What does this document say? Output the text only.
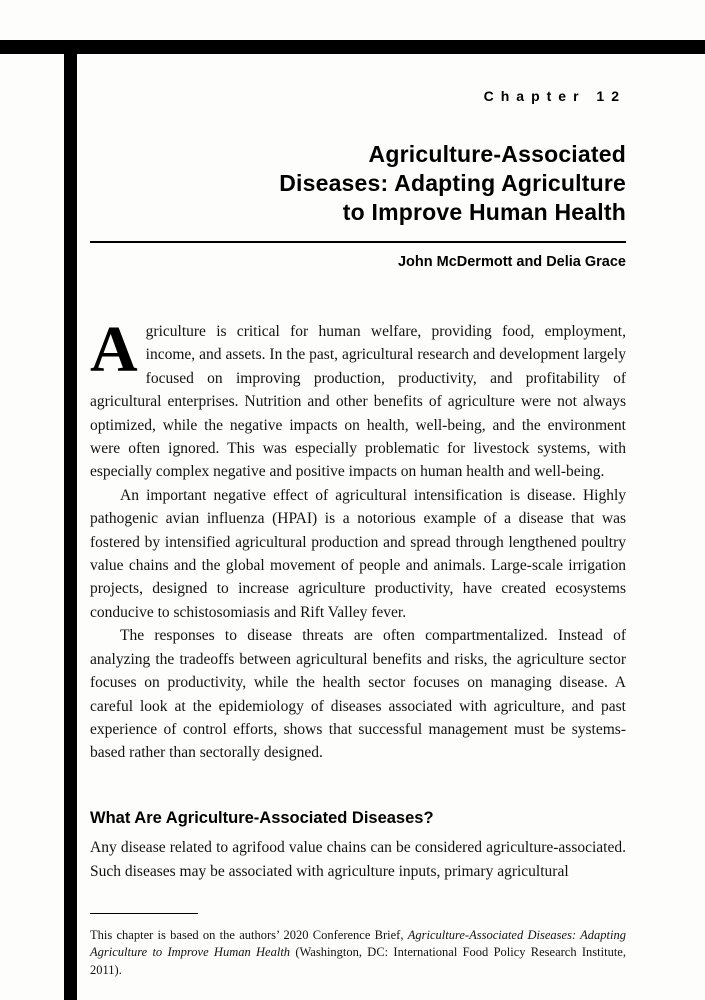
Chapter 12
Agriculture-Associated
Diseases: Adapting Agriculture
to Improve Human Health
John McDermott and Delia Grace

Agriculture is critical for human welfare, providing food, employment, income, and assets. In the past, agricultural research and development largely focused on improving production, productivity, and profitability of agricultural enterprises. Nutrition and other benefits of agriculture were not always optimized, while the negative impacts on health, well-being, and the environment were often ignored. This was especially problematic for livestock systems, with especially complex negative and positive impacts on human health and well-being.

An important negative effect of agricultural intensification is disease. Highly pathogenic avian influenza (HPAI) is a notorious example of a disease that was fostered by intensified agricultural production and spread through lengthened poultry value chains and the global movement of people and animals. Large-scale irrigation projects, designed to increase agriculture productivity, have created ecosystems conducive to schistosomiasis and Rift Valley fever.

The responses to disease threats are often compartmentalized. Instead of analyzing the tradeoffs between agricultural benefits and risks, the agriculture sector focuses on productivity, while the health sector focuses on managing disease. A careful look at the epidemiology of diseases associated with agriculture, and past experience of control efforts, shows that successful management must be systems-based rather than sectorally designed.

What Are Agriculture-Associated Diseases?

Any disease related to agrifood value chains can be considered agriculture-associated. Such diseases may be associated with agriculture inputs, primary agricultural

This chapter is based on the authors’ 2020 Conference Brief, Agriculture-Associated Diseases: Adapting Agriculture to Improve Human Health (Washington, DC: International Food Policy Research Institute, 2011).
